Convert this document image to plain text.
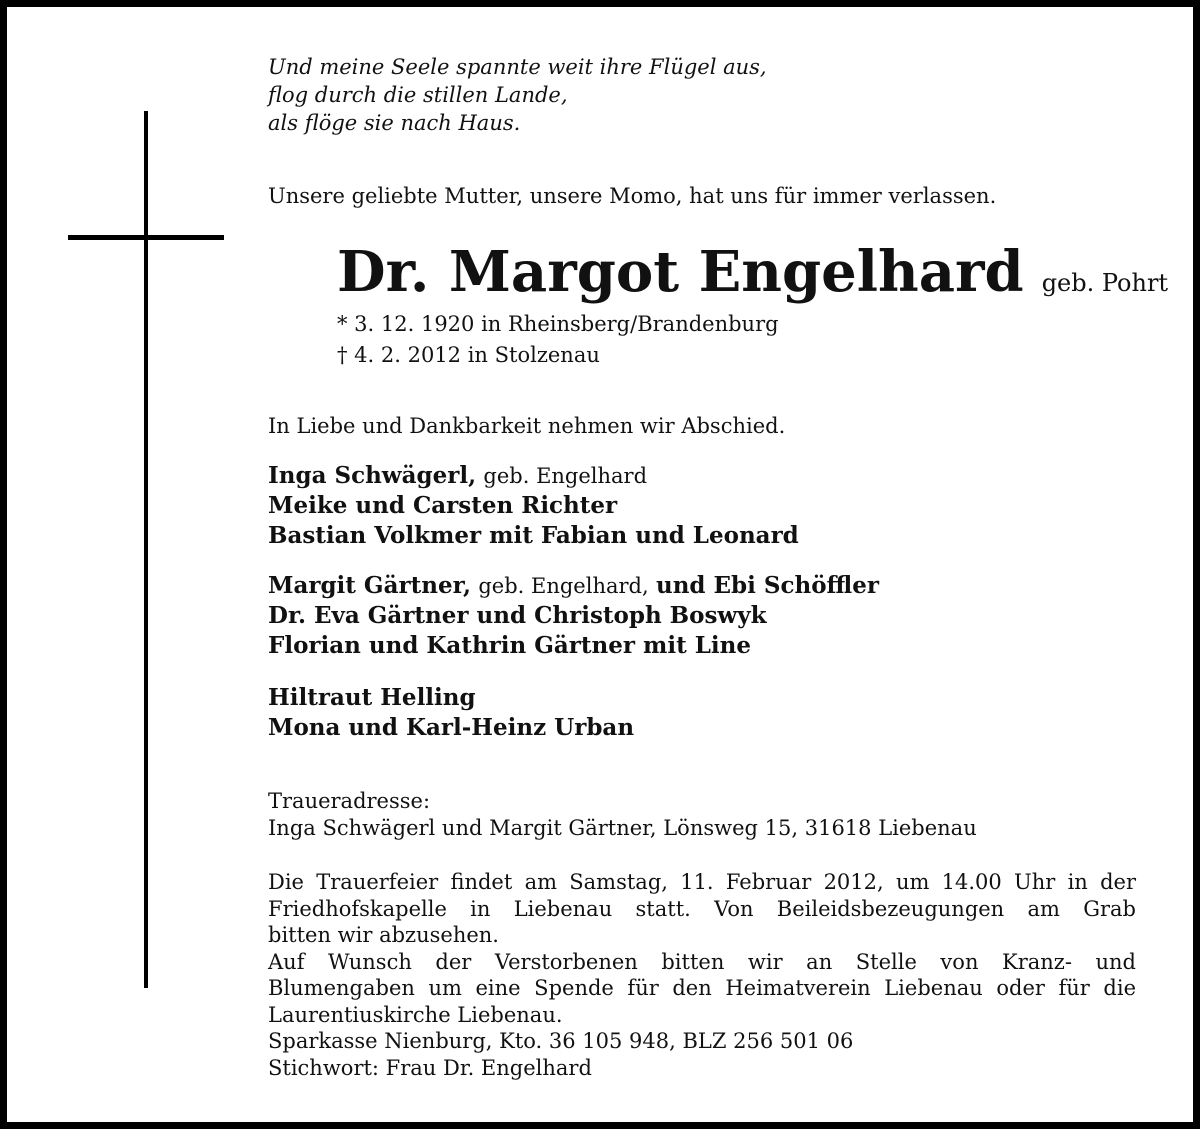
Und meine Seele spannte weit ihre Flügel aus,
flog durch die stillen Lande,
als flöge sie nach Haus.
Unsere geliebte Mutter, unsere Momo, hat uns für immer verlassen.
Dr. Margot Engelhard geb. Pohrt
* 3. 12. 1920 in Rheinsberg/Brandenburg
† 4. 2. 2012 in Stolzenau
In Liebe und Dankbarkeit nehmen wir Abschied.
Inga Schwägerl, geb. Engelhard
Meike und Carsten Richter
Bastian Volkmer mit Fabian und Leonard
Margit Gärtner, geb. Engelhard, und Ebi Schöffler
Dr. Eva Gärtner und Christoph Boswyk
Florian und Kathrin Gärtner mit Line
Hiltraut Helling
Mona und Karl-Heinz Urban
Traueradresse:
Inga Schwägerl und Margit Gärtner, Lönsweg 15, 31618 Liebenau
Die Trauerfeier findet am Samstag, 11. Februar 2012, um 14.00 Uhr in der
Friedhofskapelle in Liebenau statt. Von Beileidsbezeugungen am Grab
bitten wir abzusehen.
Auf Wunsch der Verstorbenen bitten wir an Stelle von Kranz- und
Blumengaben um eine Spende für den Heimatverein Liebenau oder für die
Laurentiuskirche Liebenau.
Sparkasse Nienburg, Kto. 36 105 948, BLZ 256 501 06
Stichwort: Frau Dr. Engelhard
